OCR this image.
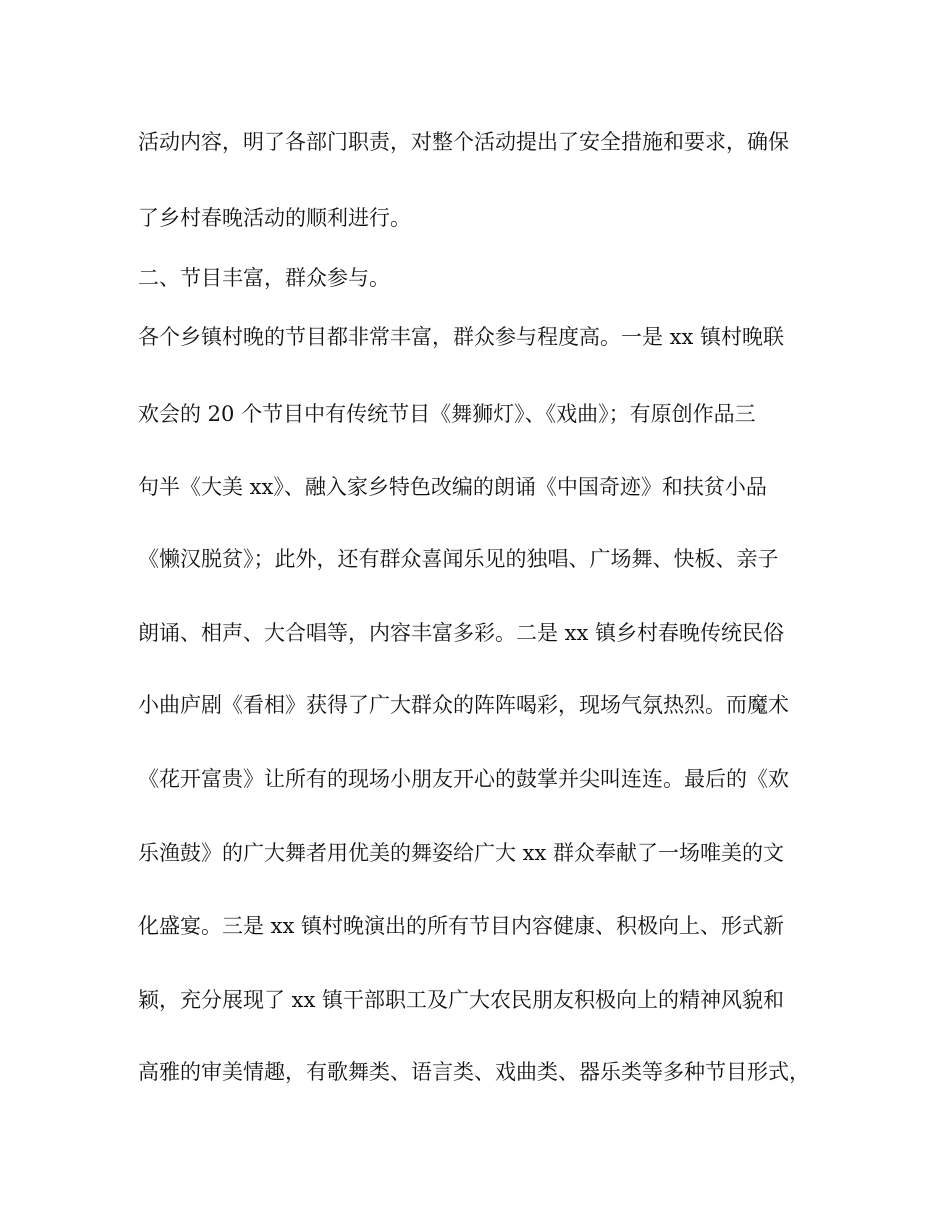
活动内容，明了各部门职责，对整个活动提出了安全措施和要求，确保
了乡村春晚活动的顺利进行。
二、节目丰富，群众参与。
各个乡镇村晚的节目都非常丰富，群众参与程度高。一是 xx 镇村晚联
欢会的 20 个节目中有传统节目《舞狮灯》、《戏曲》；有原创作品三
句半《大美 xx》、融入家乡特色改编的朗诵《中国奇迹》和扶贫小品
《懒汉脱贫》；此外，还有群众喜闻乐见的独唱、广场舞、快板、亲子
朗诵、相声、大合唱等，内容丰富多彩。二是 xx 镇乡村春晚传统民俗
小曲庐剧《看相》获得了广大群众的阵阵喝彩，现场气氛热烈。而魔术
《花开富贵》让所有的现场小朋友开心的鼓掌并尖叫连连。最后的《欢
乐渔鼓》的广大舞者用优美的舞姿给广大 xx 群众奉献了一场唯美的文
化盛宴。三是 xx 镇村晚演出的所有节目内容健康、积极向上、形式新
颖，充分展现了 xx 镇干部职工及广大农民朋友积极向上的精神风貌和
高雅的审美情趣，有歌舞类、语言类、戏曲类、器乐类等多种节目形式，
